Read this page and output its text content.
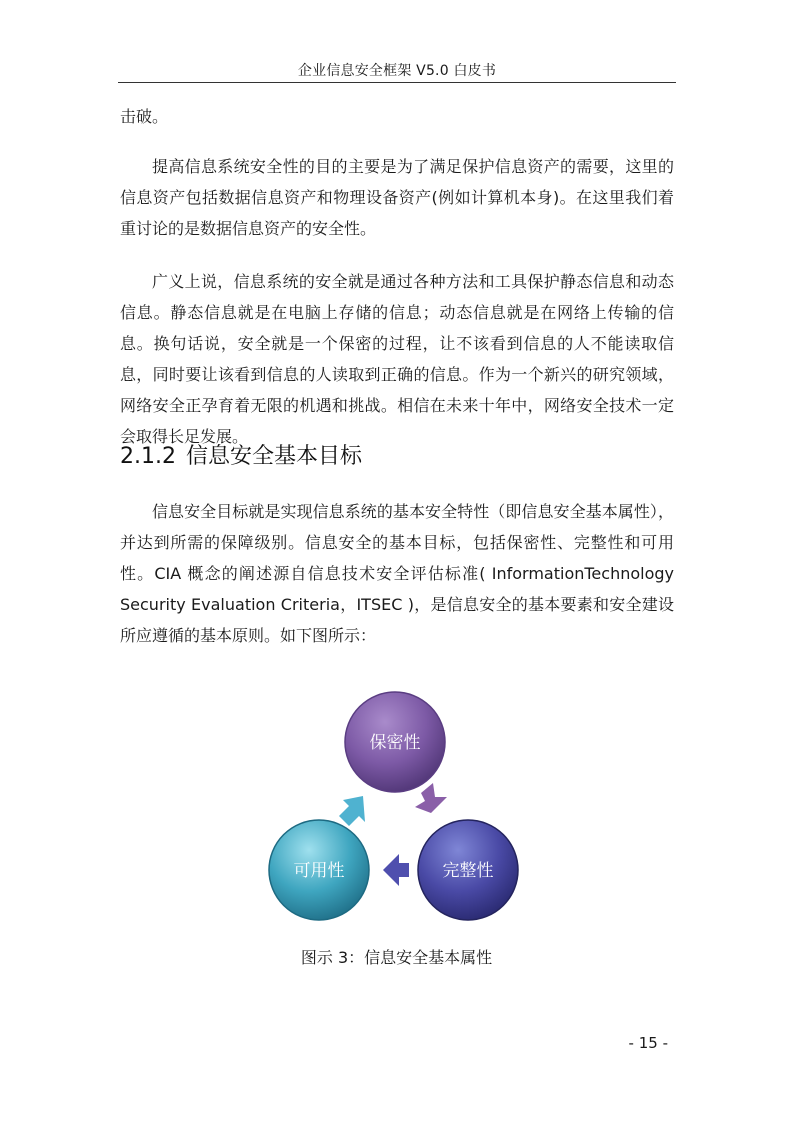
企业信息安全框架 V5.0 白皮书
击破。
提高信息系统安全性的目的主要是为了满足保护信息资产的需要，这里的信息资产包括数据信息资产和物理设备资产(例如计算机本身)。在这里我们着重讨论的是数据信息资产的安全性。
广义上说，信息系统的安全就是通过各种方法和工具保护静态信息和动态信息。静态信息就是在电脑上存储的信息；动态信息就是在网络上传输的信息。换句话说，安全就是一个保密的过程，让不该看到信息的人不能读取信息，同时要让该看到信息的人读取到正确的信息。作为一个新兴的研究领域，网络安全正孕育着无限的机遇和挑战。相信在未来十年中，网络安全技术一定会取得长足发展。
2.1.2 信息安全基本目标
信息安全目标就是实现信息系统的基本安全特性（即信息安全基本属性），并达到所需的保障级别。信息安全的基本目标，包括保密性、完整性和可用性。CIA 概念的阐述源自信息技术安全评估标准( InformationTechnology Security Evaluation Criteria，ITSEC )，是信息安全的基本要素和安全建设所应遵循的基本原则。如下图所示：
保密性
完整性
可用性
图示 3：信息安全基本属性
- 15 -
